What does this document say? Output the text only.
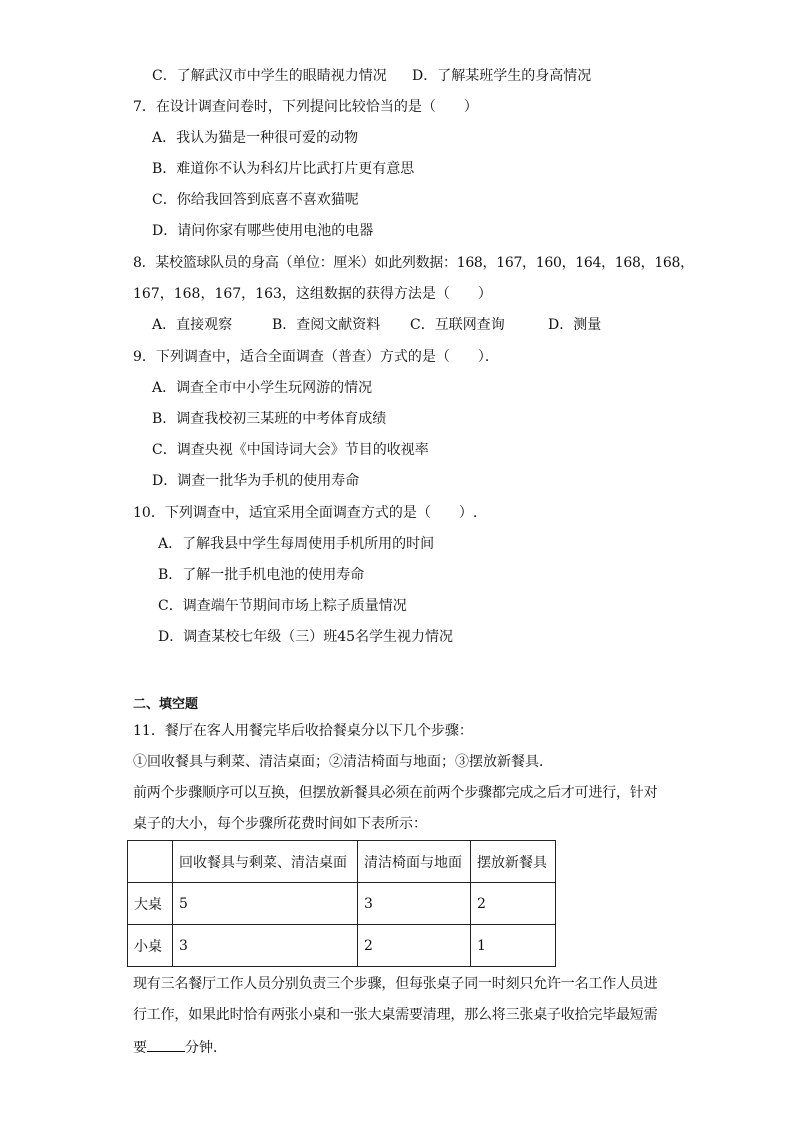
C．了解武汉市中学生的眼睛视力情况 D．了解某班学生的身高情况
7．在设计调查问卷时，下列提问比较恰当的是（　　）
A．我认为猫是一种很可爱的动物
B．难道你不认为科幻片比武打片更有意思
C．你给我回答到底喜不喜欢猫呢
D．请问你家有哪些使用电池的电器
8．某校篮球队员的身高（单位：厘米）如此列数据：168，167，160，164，168，168，
167，168，167，163，这组数据的获得方法是（　　）
A．直接观察	B．查阅文献资料 C．互联网查询	D．测量
9．下列调查中，适合全面调查（普查）方式的是（　　）．
A．调查全市中小学生玩网游的情况
B．调查我校初三某班的中考体育成绩
C．调查央视《中国诗词大会》节目的收视率
D．调查一批华为手机的使用寿命
10．下列调查中，适宜采用全面调查方式的是（　　）.
A．了解我县中学生每周使用手机所用的时间
B．了解一批手机电池的使用寿命
C．调查端午节期间市场上粽子质量情况
D．调查某校七年级（三）班45名学生视力情况
二、填空题
11．餐厅在客人用餐完毕后收拾餐桌分以下几个步骤：
①回收餐具与剩菜、清洁桌面；②清洁椅面与地面；③摆放新餐具．
前两个步骤顺序可以互换，但摆放新餐具必须在前两个步骤都完成之后才可进行，针对
桌子的大小，每个步骤所花费时间如下表所示：
	回收餐具与剩菜、清洁桌面	清洁椅面与地面	摆放新餐具
大桌	5	3	2
小桌	3	2	1
现有三名餐厅工作人员分别负责三个步骤，但每张桌子同一时刻只允许一名工作人员进
行工作，如果此时恰有两张小桌和一张大桌需要清理，那么将三张桌子收拾完毕最短需
要	分钟．
